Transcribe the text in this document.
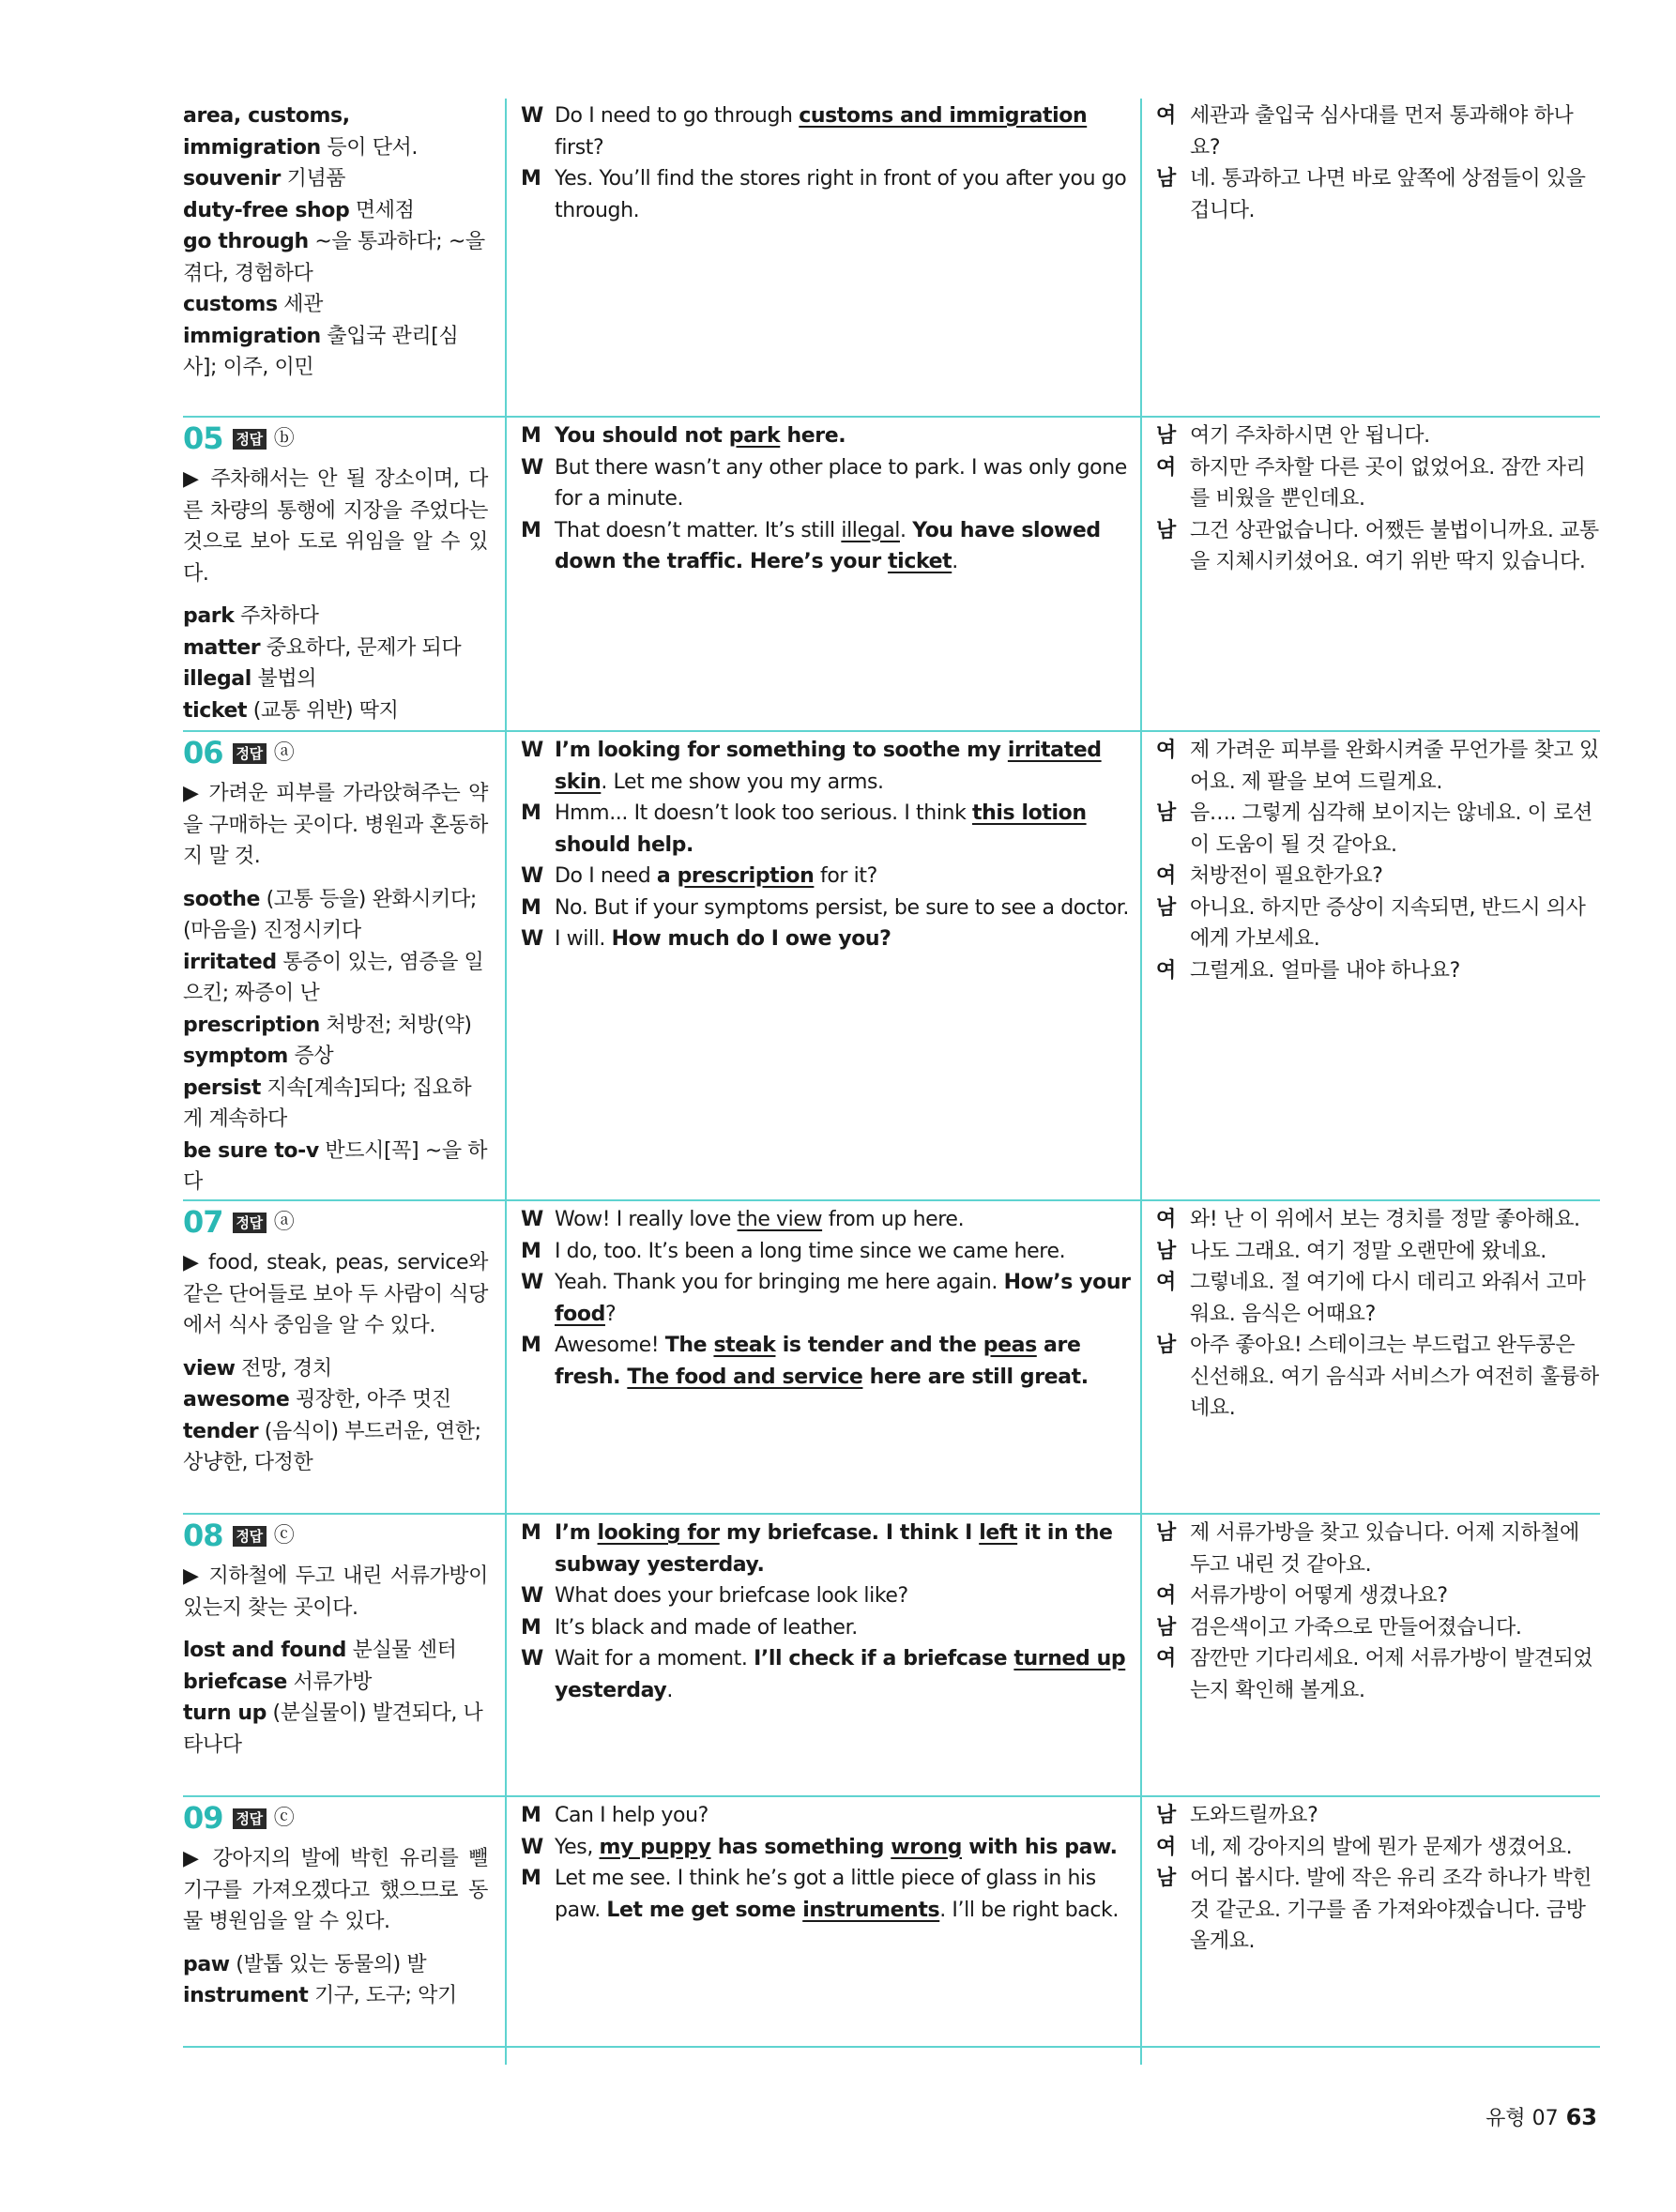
area, customs, immigration 등이 단서.

souvenir 기념품

duty-free shop 면세점

go through ~을 통과하다; ~을 겪다, 경험하다

customs 세관

immigration 출입국 관리[심사]; 이주, 이민

W Do I need to go through customs and immigration first?
M Yes. You’ll find the stores right in front of you after you go through.
여 세관과 출입국 심사대를 먼저 통과해야 하나요?
남 네. 통과하고 나면 바로 앞쪽에 상점들이 있을 겁니다.
05 정답 ⓑ
▶ 주차해서는 안 될 장소이며, 다른 차량의 통행에 지장을 주었다는 것으로 보아 도로 위임을 알 수 있다.

park 주차하다

matter 중요하다, 문제가 되다

illegal 불법의

ticket (교통 위반) 딱지

M You should not park here.
W But there wasn’t any other place to park. I was only gone for a minute.
M That doesn’t matter. It’s still illegal. You have slowed down the traffic. Here’s your ticket.
남 여기 주차하시면 안 됩니다.
여 하지만 주차할 다른 곳이 없었어요. 잠깐 자리를 비웠을 뿐인데요.
남 그건 상관없습니다. 어쨌든 불법이니까요. 교통을 지체시키셨어요. 여기 위반 딱지 있습니다.
06 정답 ⓐ
▶ 가려운 피부를 가라앉혀주는 약을 구매하는 곳이다. 병원과 혼동하지 말 것.

soothe (고통 등을) 완화시키다; (마음을) 진정시키다

irritated 통증이 있는, 염증을 일으킨; 짜증이 난

prescription 처방전; 처방(약)

symptom 증상

persist 지속[계속]되다; 집요하게 계속하다

be sure to-v 반드시[꼭] ~을 하다

W I’m looking for something to soothe my irritated skin. Let me show you my arms.
M Hmm... It doesn’t look too serious. I think this lotion should help.
W Do I need a prescription for it?
M No. But if your symptoms persist, be sure to see a doctor.
W I will. How much do I owe you?
여 제 가려운 피부를 완화시켜줄 무언가를 찾고 있어요. 제 팔을 보여 드릴게요.
남 음…. 그렇게 심각해 보이지는 않네요. 이 로션이 도움이 될 것 같아요.
여 처방전이 필요한가요?
남 아니요. 하지만 증상이 지속되면, 반드시 의사에게 가보세요.
여 그럴게요. 얼마를 내야 하나요?
07 정답 ⓐ
▶ food, steak, peas, service와 같은 단어들로 보아 두 사람이 식당에서 식사 중임을 알 수 있다.

view 전망, 경치

awesome 굉장한, 아주 멋진

tender (음식이) 부드러운, 연한; 상냥한, 다정한

W Wow! I really love the view from up here.
M I do, too. It’s been a long time since we came here.
W Yeah. Thank you for bringing me here again. How’s your food?
M Awesome! The steak is tender and the peas are fresh. The food and service here are still great.
여 와! 난 이 위에서 보는 경치를 정말 좋아해요.
남 나도 그래요. 여기 정말 오랜만에 왔네요.
여 그렇네요. 절 여기에 다시 데리고 와줘서 고마워요. 음식은 어때요?
남 아주 좋아요! 스테이크는 부드럽고 완두콩은 신선해요. 여기 음식과 서비스가 여전히 훌륭하네요.
08 정답 ⓒ
▶ 지하철에 두고 내린 서류가방이 있는지 찾는 곳이다.

lost and found 분실물 센터

briefcase 서류가방

turn up (분실물이) 발견되다, 나타나다

M I’m looking for my briefcase. I think I left it in the subway yesterday.
W What does your briefcase look like?
M It’s black and made of leather.
W Wait for a moment. I’ll check if a briefcase turned up yesterday.
남 제 서류가방을 찾고 있습니다. 어제 지하철에 두고 내린 것 같아요.
여 서류가방이 어떻게 생겼나요?
남 검은색이고 가죽으로 만들어졌습니다.
여 잠깐만 기다리세요. 어제 서류가방이 발견되었는지 확인해 볼게요.
09 정답 ⓒ
▶ 강아지의 발에 박힌 유리를 뺄 기구를 가져오겠다고 했으므로 동물 병원임을 알 수 있다.

paw (발톱 있는 동물의) 발

instrument 기구, 도구; 악기

M Can I help you?
W Yes, my puppy has something wrong with his paw.
M Let me see. I think he’s got a little piece of glass in his paw. Let me get some instruments. I’ll be right back.
남 도와드릴까요?
여 네, 제 강아지의 발에 뭔가 문제가 생겼어요.
남 어디 봅시다. 발에 작은 유리 조각 하나가 박힌 것 같군요. 기구를 좀 가져와야겠습니다. 금방 올게요.
유형 07 63
